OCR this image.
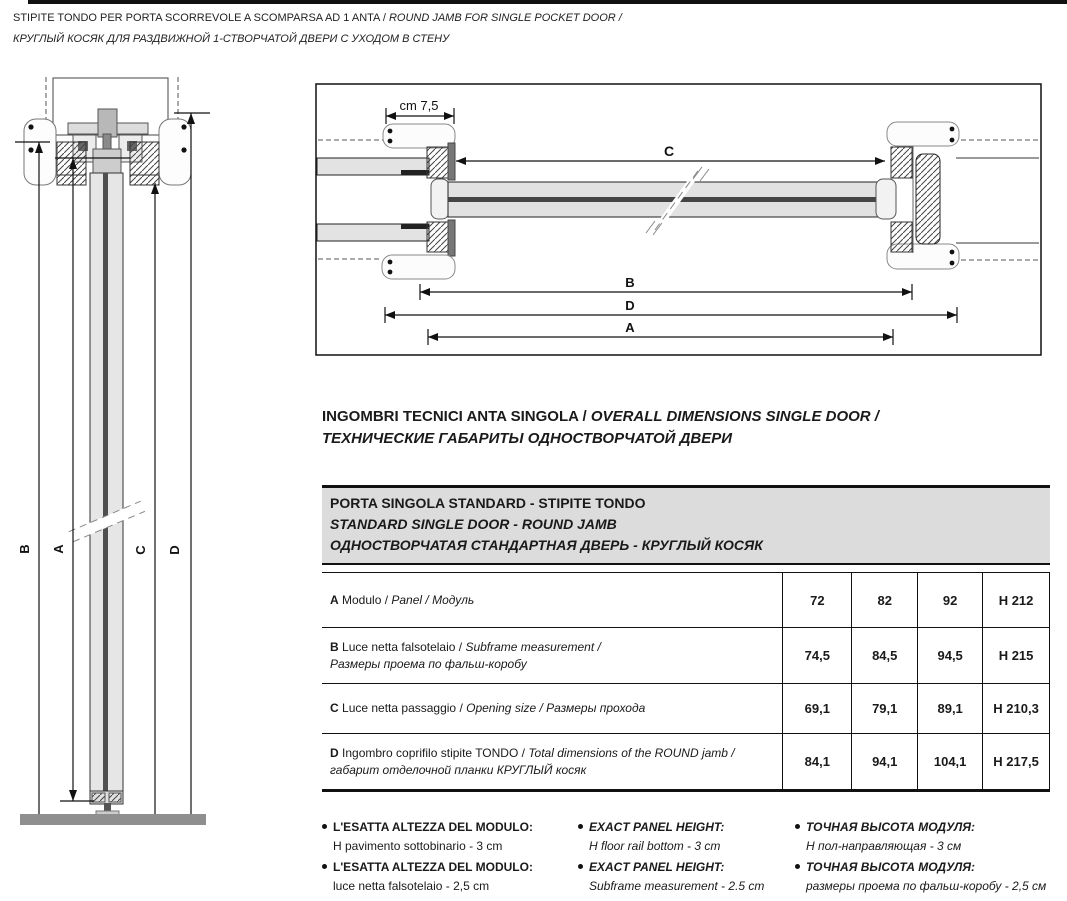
STIPITE TONDO PER PORTA SCORREVOLE A SCOMPARSA AD 1 ANTA / ROUND JAMB FOR SINGLE POCKET DOOR /
КРУГЛЫЙ КОСЯК ДЛЯ РАЗДВИЖНОЙ 1-СТВОРЧАТОЙ ДВЕРИ С УХОДОМ В СТЕНУ
B A	C D
cm 7,5
C
B
D
A
INGOMBRI TECNICI ANTA SINGOLA / OVERALL DIMENSIONS SINGLE DOOR /
ТЕХНИЧЕСКИЕ ГАБАРИТЫ ОДНОСТВОРЧАТОЙ ДВЕРИ
PORTA SINGOLA STANDARD - STIPITE TONDO
STANDARD SINGLE DOOR - ROUND JAMB
ОДНОСТВОРЧАТАЯ СТАНДАРТНАЯ ДВЕРЬ - КРУГЛЫЙ КОСЯК
A Modulo / Panel / Модуль	72	82	92	H 212
B Luce netta falsotelaio / Subframe measurement /
Размеры проема по фальш-коробу
74,5	84,5	94,5	H 215
C Luce netta passaggio / Opening size / Размеры прохода	69,1	79,1	89,1	H 210,3
D Ingombro coprifilo stipite TONDO / Total dimensions of the ROUND jamb /
габарит отделочной планки КРУГЛЫЙ косяк
84,1	94,1	104,1	H 217,5
L'ESATTA ALTEZZA DEL MODULO:
H pavimento sottobinario - 3 cm
L'ESATTA ALTEZZA DEL MODULO:
luce netta falsotelaio - 2,5 cm
EXACT PANEL HEIGHT:
H floor rail bottom - 3 cm
EXACT PANEL HEIGHT:
Subframe measurement - 2.5 cm
ТОЧНАЯ ВЫСОТА МОДУЛЯ:
Н пол-направляющая - 3 см
ТОЧНАЯ ВЫСОТА МОДУЛЯ:
размеры проема по фальш-коробу - 2,5 см
